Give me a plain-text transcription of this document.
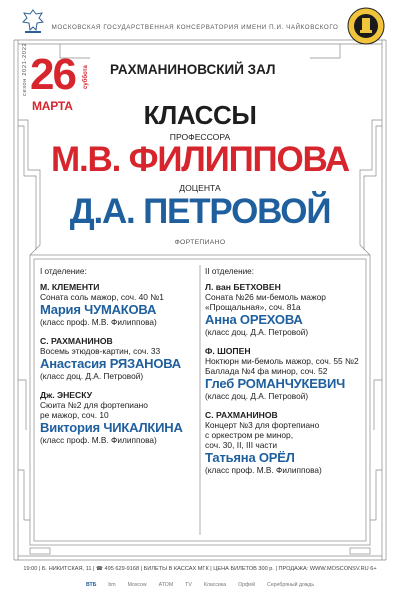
МОСКОВСКАЯ ГОСУДАРСТВЕННАЯ КОНСЕРВАТОРИЯ ИМЕНИ П.И. ЧАЙКОВСКОГО
сезон 2021-2022 26 суббота
МАРТА
РАХМАНИНОВСКИЙ ЗАЛ
КЛАССЫ
ПРОФЕССОРА
М.В. ФИЛИППОВА
ДОЦЕНТА
Д.А. ПЕТРОВОЙ
ФОРТЕПИАНО
I отделение:
М. КЛЕМЕНТИ
Соната соль мажор, соч. 40 №1
Мария ЧУМАКОВА
(класс проф. М.В. Филиппова)
С. РАХМАНИНОВ
Восемь этюдов-картин, соч. 33
Анастасия РЯЗАНОВА
(класс доц. Д.А. Петровой)
Дж. ЭНЕСКУ
Сюита №2 для фортепиано
ре мажор, соч. 10
Виктория ЧИКАЛКИНА
(класс проф. М.В. Филиппова)
II отделение:
Л. ван БЕТХОВЕН
Соната №26 ми-бемоль мажор
«Прощальная», соч. 81а
Анна ОРЕХОВА
(класс доц. Д.А. Петровой)
Ф. ШОПЕН
Ноктюрн ми-бемоль мажор, соч. 55 №2
Баллада №4 фа минор, соч. 52
Глеб РОМАНЧУКЕВИЧ
(класс доц. Д.А. Петровой)
С. РАХМАНИНОВ
Концерт №3 для фортепиано
с оркестром ре минор,
соч. 30, II, III части
Татьяна ОРЁЛ
(класс проф. М.В. Филиппова)
19:00 | Б. НИКИТСКАЯ, 11 | ☎ 495 629-9168 | БИЛЕТЫ В КАССАХ МГК | ЦЕНА БИЛЕТОВ 300 р. | ПРОДАЖА: WWW.MOSCONSV.RU 6+
ВТБ bm Moscow ATOM TV Классика Орфей Серебряный дождь
